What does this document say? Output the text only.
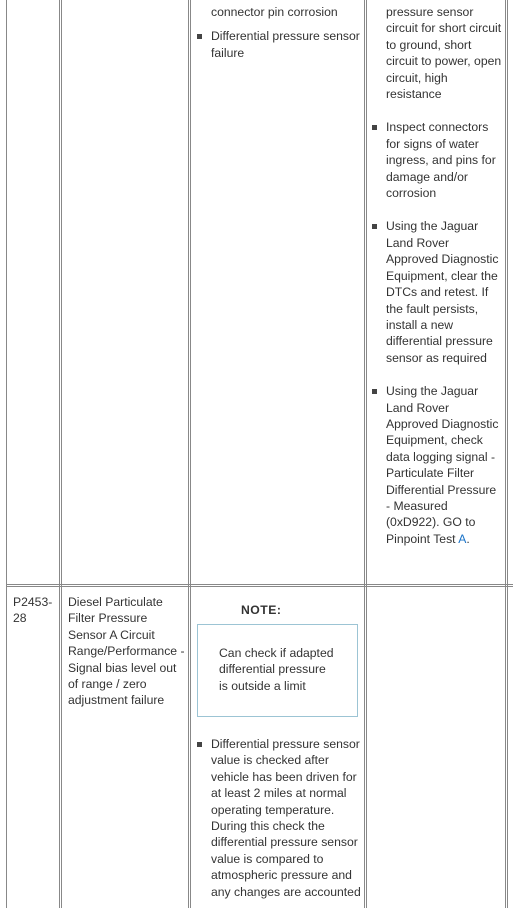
connector pin corrosion
Differential pressure sensor failure
pressure sensor circuit for short circuit to ground, short circuit to power, open circuit, high resistance
Inspect connectors for signs of water ingress, and pins for damage and/or corrosion
Using the Jaguar Land Rover Approved Diagnostic Equipment, clear the DTCs and retest. If the fault persists, install a new differential pressure sensor as required
Using the Jaguar Land Rover Approved Diagnostic Equipment, check data logging signal - Particulate Filter Differential Pressure - Measured (0xD922). GO to Pinpoint Test A.
P2453-28
Diesel Particulate Filter Pressure Sensor A Circuit Range/Performance - Signal bias level out of range / zero adjustment failure
NOTE:
Can check if adapted differential pressure is outside a limit
Differential pressure sensor value is checked after vehicle has been driven for at least 2 miles at normal operating temperature. During this check the differential pressure sensor value is compared to atmospheric pressure and any changes are accounted
